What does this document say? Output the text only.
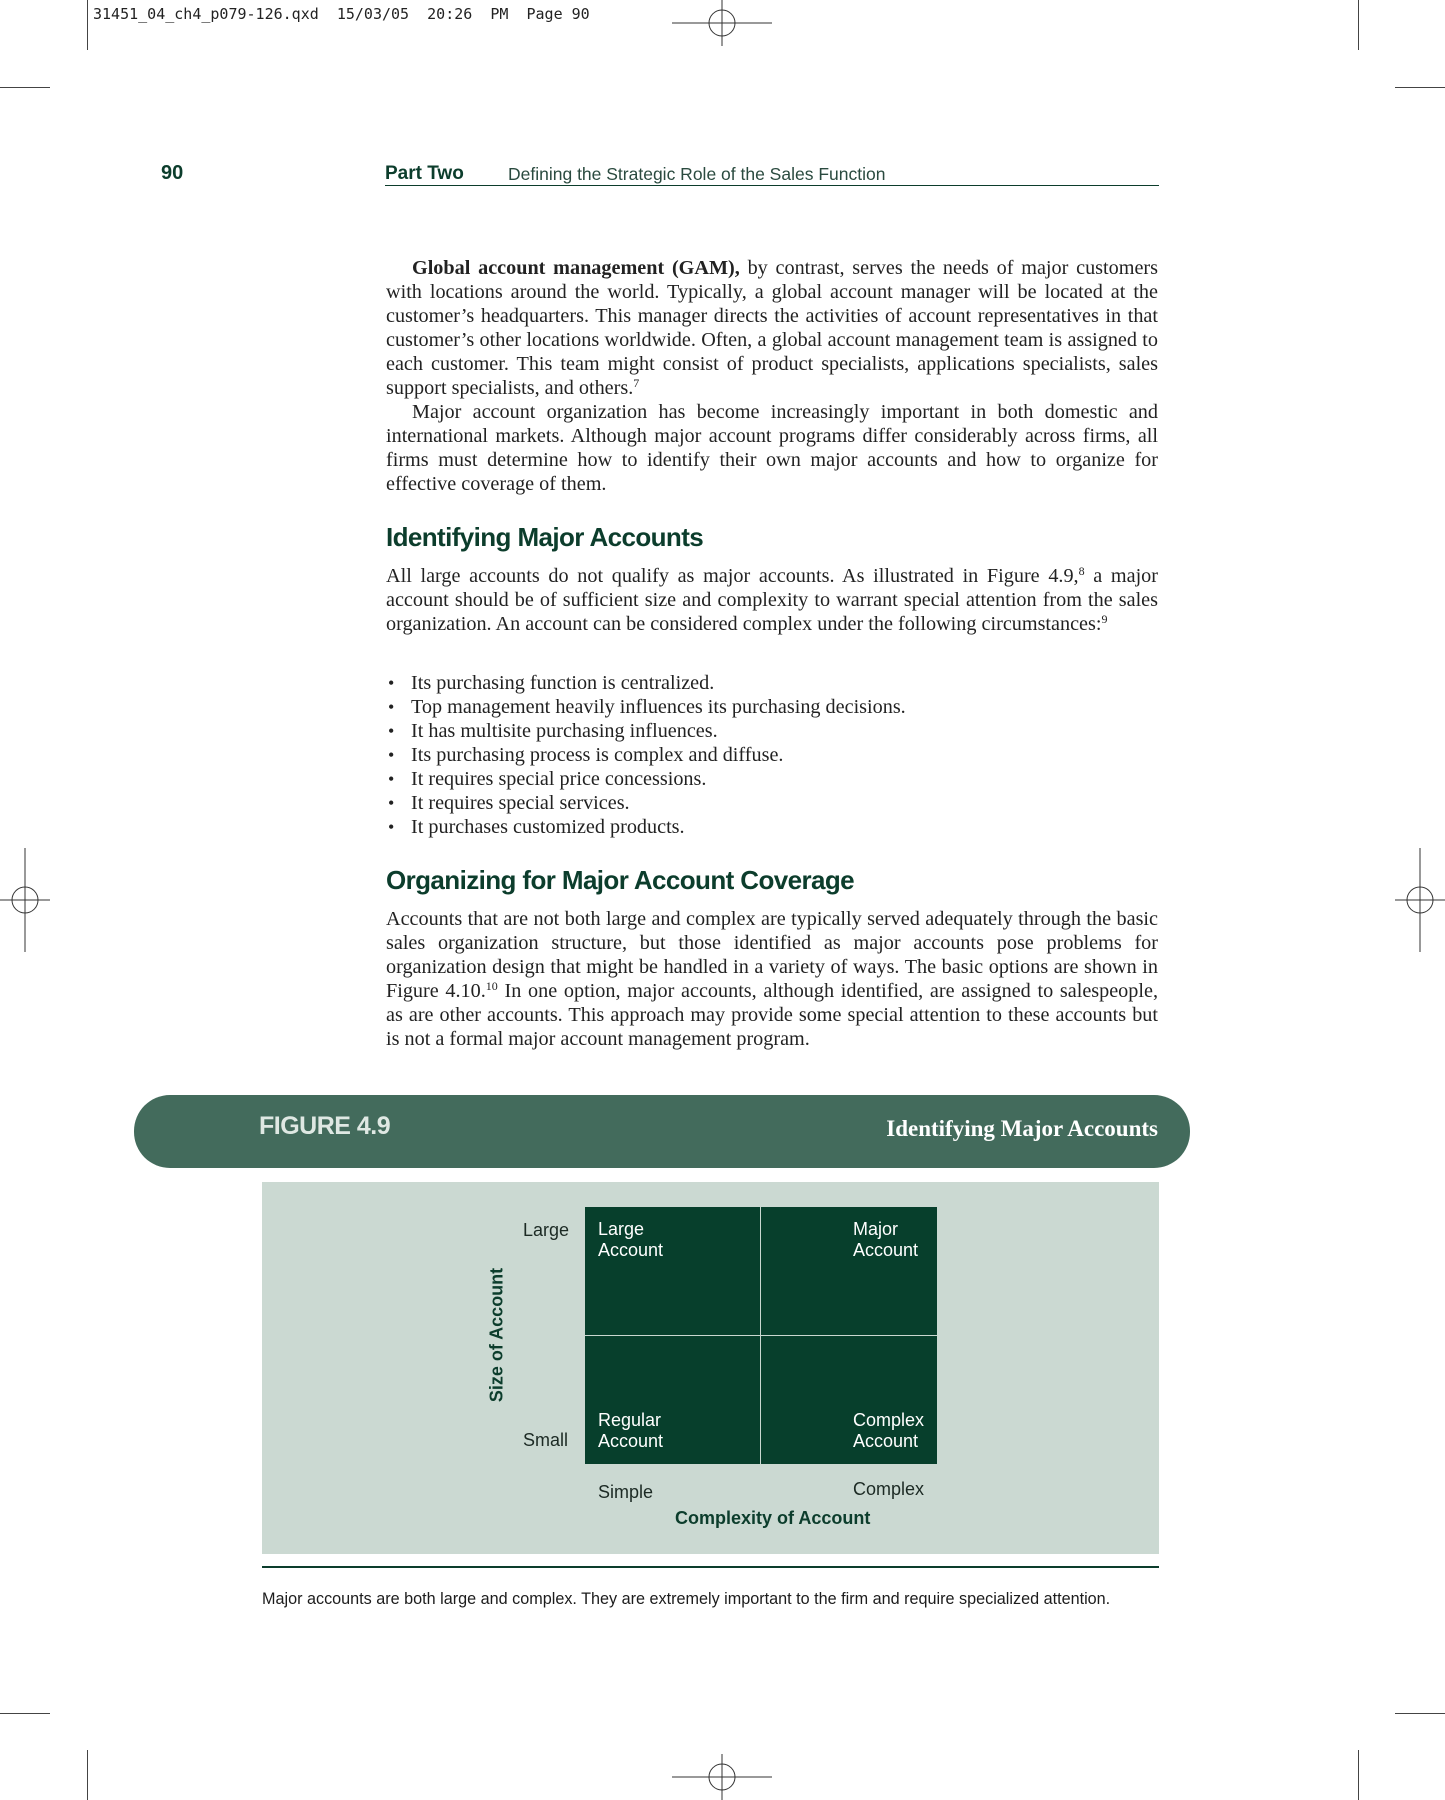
31451_04_ch4_p079-126.qxd  15/03/05  20:26  PM  Page 90
90	Part Two	Defining the Strategic Role of the Sales Function

Global account management (GAM), by contrast, serves the needs of major customers with locations around the world. Typically, a global account manager will be located at the customer’s headquarters. This manager directs the activities of account representatives in that customer’s other locations worldwide. Often, a global account management team is assigned to each customer. This team might consist of product specialists, applications specialists, sales support specialists, and others.$^7$

Major account organization has become increasingly important in both domestic and international markets. Although major account programs differ considerably across firms, all firms must determine how to identify their own major accounts and how to organize for effective coverage of them.

Identifying Major Accounts

All large accounts do not qualify as major accounts. As illustrated in Figure 4.9,$^8$ a major account should be of sufficient size and complexity to warrant special attention from the sales organization. An account can be considered complex under the following circumstances:$^9$

• Its purchasing function is centralized.
• Top management heavily influences its purchasing decisions.
• It has multisite purchasing influences.
• Its purchasing process is complex and diffuse.
• It requires special price concessions.
• It requires special services.
• It purchases customized products.
Organizing for Major Account Coverage

Accounts that are not both large and complex are typically served adequately through the basic sales organization structure, but those identified as major accounts pose problems for organization design that might be handled in a variety of ways. The basic options are shown in Figure 4.10.10 In one option, major accounts, although identified, are assigned to salespeople, as are other accounts. This approach may provide some special attention to these accounts but is not a formal major account management program.

FIGURE 4.9	Identifying Major Accounts
Large
Account
Major
Account
Regular
Account
Complex
Account
Large
Small
Size of Account
Simple	Complex
Complexity of Account
Major accounts are both large and complex. They are extremely important to the firm and require specialized attention.
